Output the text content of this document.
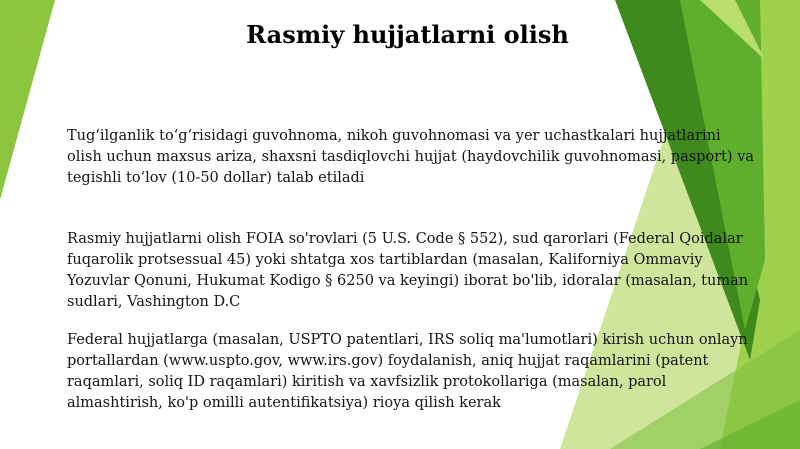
Rasmiy hujjatlarni olish

Tug‘ilganlik to‘g‘risidagi guvohnoma, nikoh guvohnomasi va yer uchastkalari hujjatlarini olish uchun maxsus ariza, shaxsni tasdiqlovchi hujjat (haydovchilik guvohnomasi, pasport) va tegishli to‘lov (10-50 dollar) talab etiladi

Rasmiy hujjatlarni olish FOIA so'rovlari (5 U.S. Code § 552), sud qarorlari (Federal Qoidalar fuqarolik protsessual 45) yoki shtatga xos tartiblardan (masalan, Kaliforniya Ommaviy Yozuvlar Qonuni, Hukumat Kodigo § 6250 va keyingi) iborat bo'lib, idoralar (masalan, tuman sudlari, Vashington D.C

Federal hujjatlarga (masalan, USPTO patentlari, IRS soliq ma'lumotlari) kirish uchun onlayn portallardan (www.uspto.gov, www.irs.gov) foydalanish, aniq hujjat raqamlarini (patent raqamlari, soliq ID raqamlari) kiritish va xavfsizlik protokollariga (masalan, parol almashtirish, ko'p omilli autentifikatsiya) rioya qilish kerak
